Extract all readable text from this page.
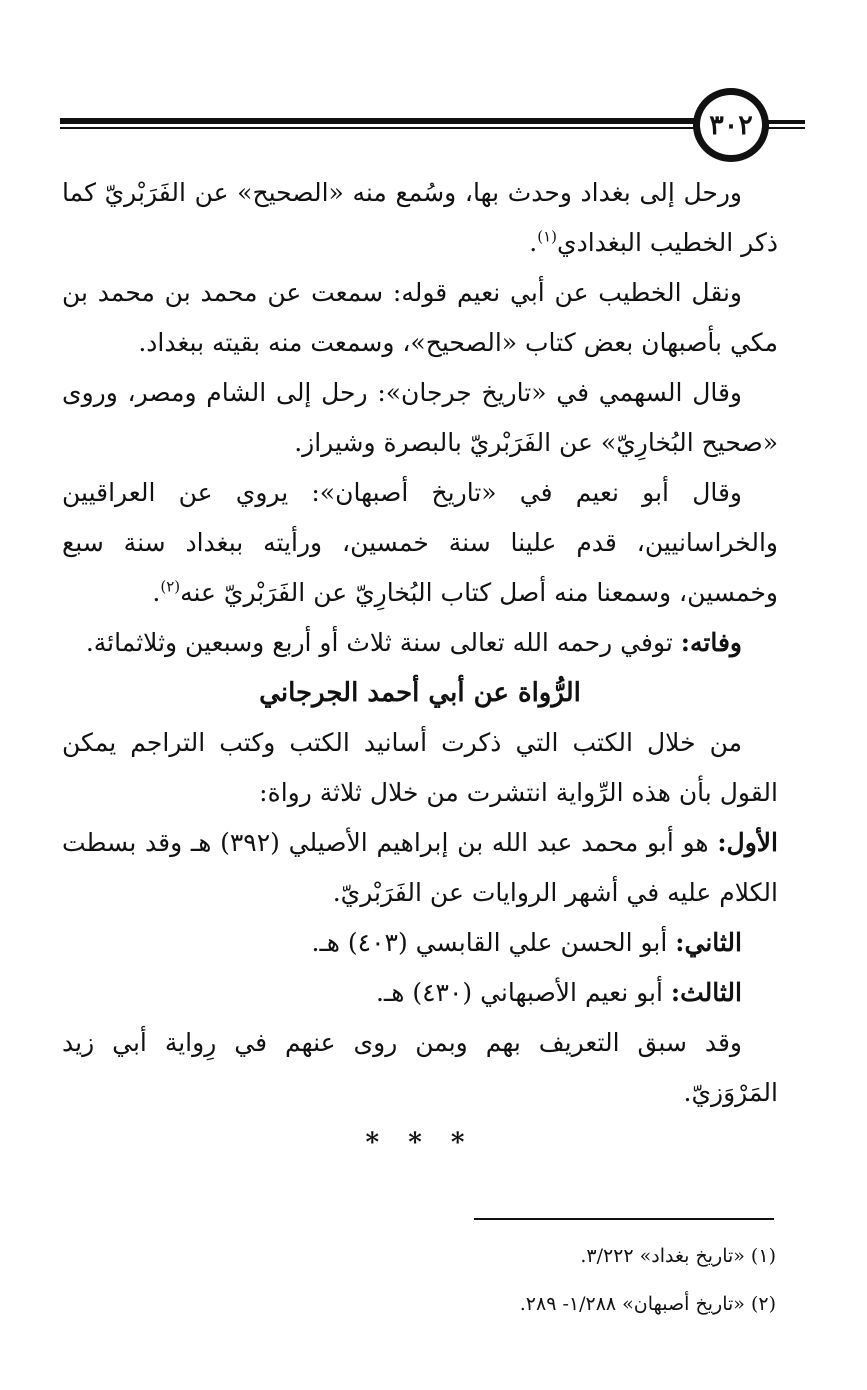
٣٠٢

ورحل إلى بغداد وحدث بها، وسُمع منه «الصحيح» عن الفَرَبْريّ كما ذكر الخطيب البغدادي$^{(١)}$.

ونقل الخطيب عن أبي نعيم قوله: سمعت عن محمد بن محمد بن مكي بأصبهان بعض كتاب «الصحيح»، وسمعت منه بقيته ببغداد.

وقال السهمي في «تاريخ جرجان»: رحل إلى الشام ومصر، وروى «صحيح البُخارِيّ» عن الفَرَبْريّ بالبصرة وشيراز.

وقال أبو نعيم في «تاريخ أصبهان»: يروي عن العراقيين والخراسانيين، قدم علينا سنة خمسين، ورأيته ببغداد سنة سبع وخمسين، وسمعنا منه أصل كتاب البُخارِيّ عن الفَرَبْريّ عنه$^{(٢)}$.

وفاته: توفي رحمه الله تعالى سنة ثلاث أو أربع وسبعين وثلاثمائة.

الرُّواة عن أبي أحمد الجرجاني

من خلال الكتب التي ذكرت أسانيد الكتب وكتب التراجم يمكن القول بأن هذه الرِّواية انتشرت من خلال ثلاثة رواة:

الأول: هو أبو محمد عبد الله بن إبراهيم الأصيلي (٣٩٢) هـ وقد بسطت الكلام عليه في أشهر الروايات عن الفَرَبْريّ.

الثاني: أبو الحسن علي القابسي (٤٠٣) هـ.

الثالث: أبو نعيم الأصبهاني (٤٣٠) هـ.

وقد سبق التعريف بهم وبمن روى عنهم في رِواية أبي زيد المَرْوَزيّ.

* * *

(١) «تاريخ بغداد» ٣/٢٢٢.

(٢) «تاريخ أصبهان» ١/٢٨٨- ٢٨٩.
